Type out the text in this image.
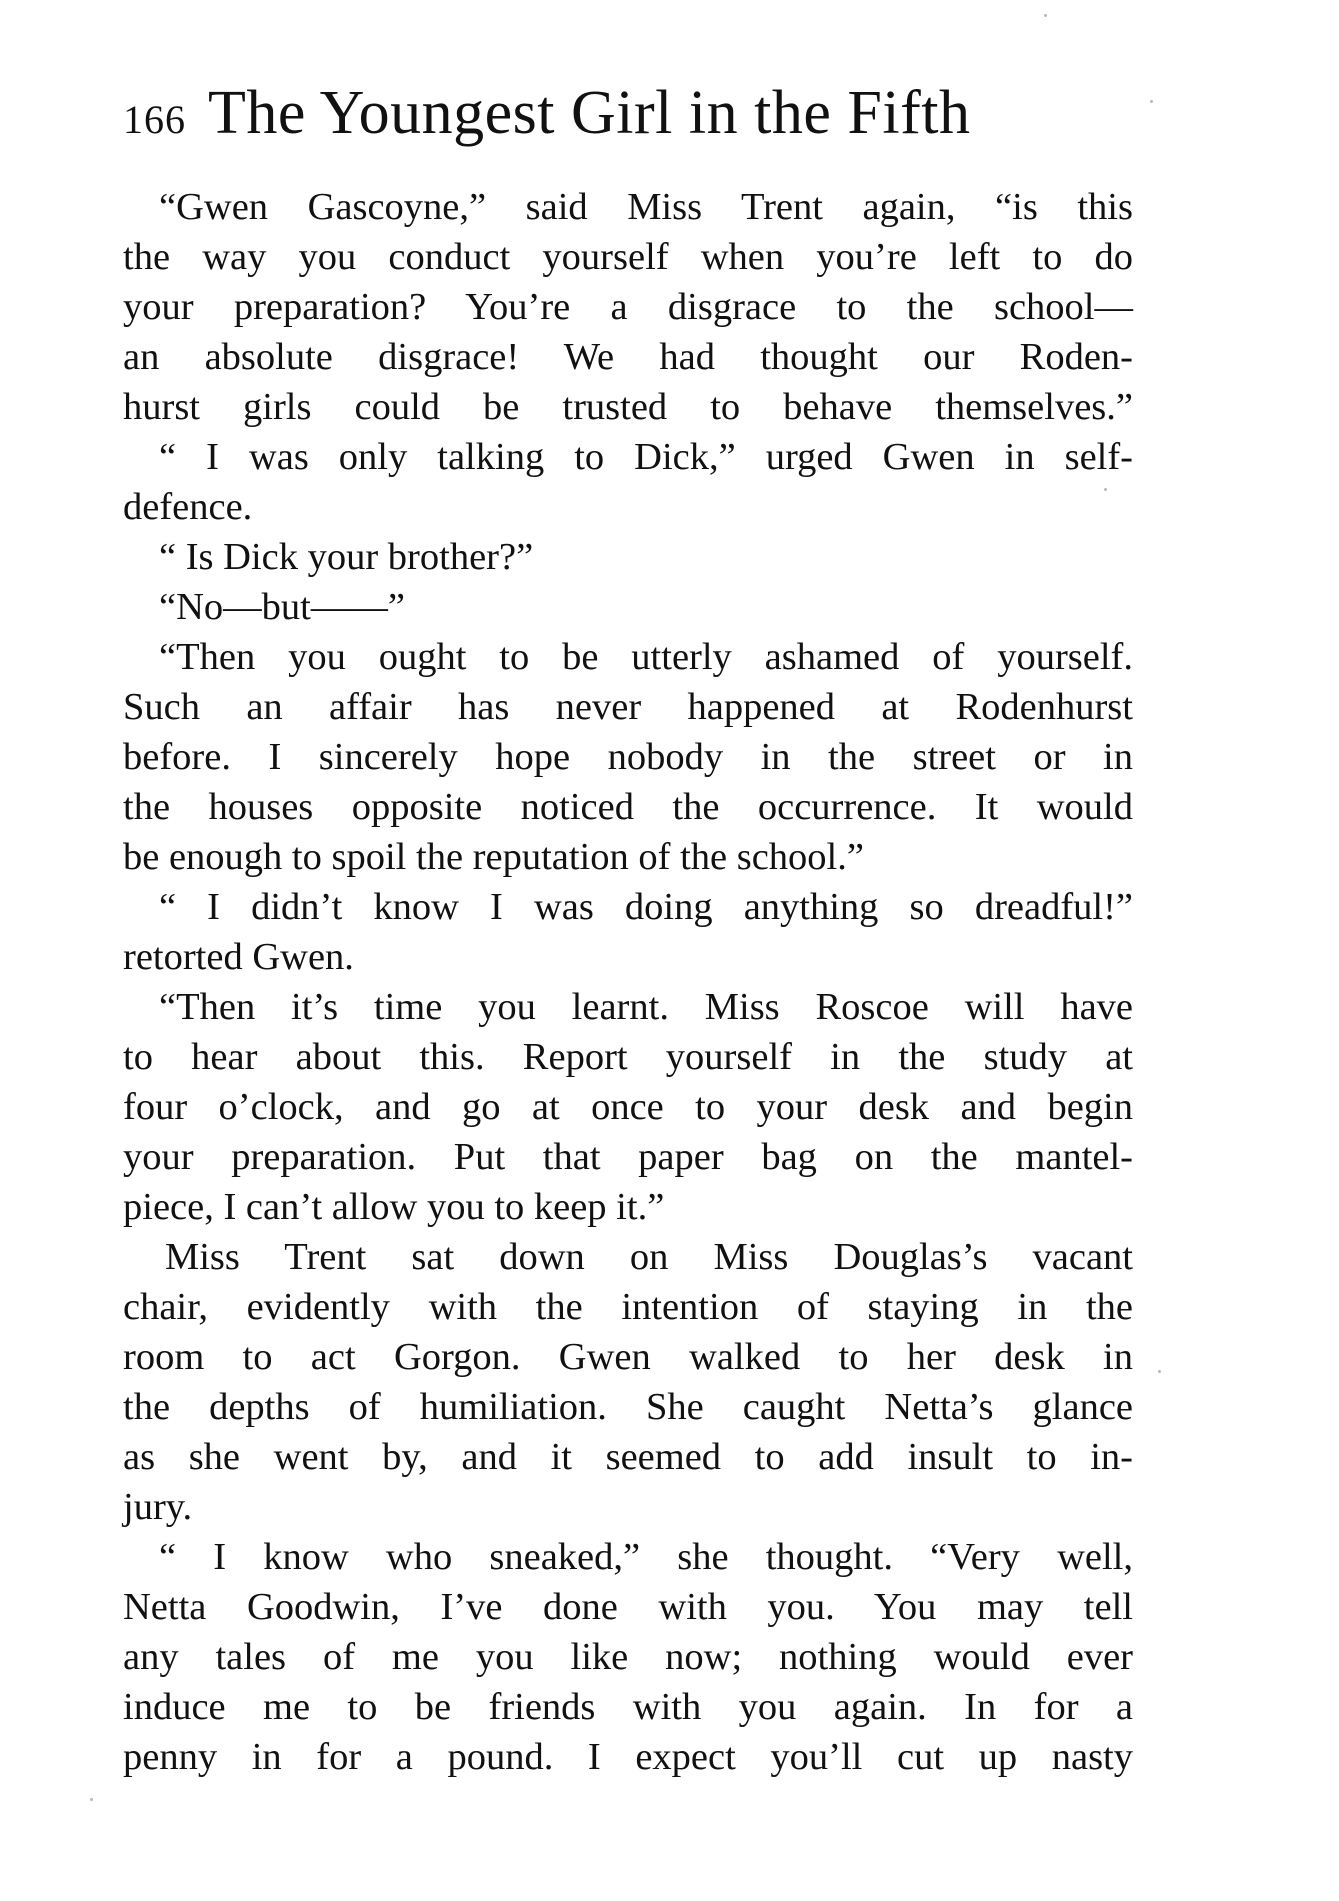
166 The Youngest Girl in the Fifth
“Gwen Gascoyne,” said Miss Trent again, “is this
the way you conduct yourself when you’re left to do
your preparation? You’re a disgrace to the school—
an absolute disgrace! We had thought our Roden-
hurst girls could be trusted to behave themselves.”
“ I was only talking to Dick,” urged Gwen in self-
defence.
“ Is Dick your brother?”
“No—but——”
“Then you ought to be utterly ashamed of yourself.
Such an affair has never happened at Rodenhurst
before. I sincerely hope nobody in the street or in
the houses opposite noticed the occurrence. It would
be enough to spoil the reputation of the school.”
“ I didn’t know I was doing anything so dreadful!”
retorted Gwen.
“Then it’s time you learnt. Miss Roscoe will have
to hear about this. Report yourself in the study at
four o’clock, and go at once to your desk and begin
your preparation. Put that paper bag on the mantel-
piece, I can’t allow you to keep it.”
Miss Trent sat down on Miss Douglas’s vacant
chair, evidently with the intention of staying in the
room to act Gorgon. Gwen walked to her desk in
the depths of humiliation. She caught Netta’s glance
as she went by, and it seemed to add insult to in-
jury.
“ I know who sneaked,” she thought. “Very well,
Netta Goodwin, I’ve done with you. You may tell
any tales of me you like now; nothing would ever
induce me to be friends with you again. In for a
penny in for a pound. I expect you’ll cut up nasty
